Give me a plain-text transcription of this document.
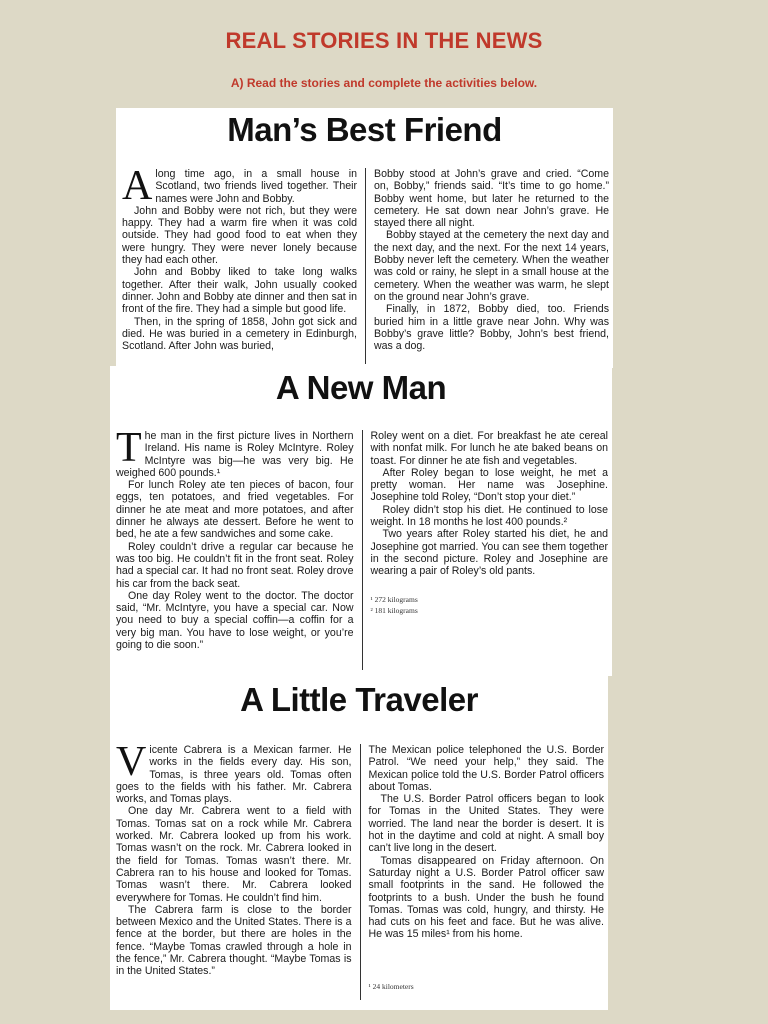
REAL STORIES IN THE NEWS
A) Read the stories and complete the activities below.
Man’s Best Friend

Along time ago, in a small house in Scotland, two friends lived together. Their names were John and Bobby.

John and Bobby were not rich, but they were happy. They had a warm fire when it was cold outside. They had good food to eat when they were hungry. They were never lonely because they had each other.

John and Bobby liked to take long walks together. After their walk, John usually cooked dinner. John and Bobby ate dinner and then sat in front of the fire. They had a simple but good life.

Then, in the spring of 1858, John got sick and died. He was buried in a cemetery in Edinburgh, Scotland. After John was buried,

Bobby stood at John’s grave and cried. “Come on, Bobby,” friends said. “It’s time to go home.” Bobby went home, but later he returned to the cemetery. He sat down near John’s grave. He stayed there all night.

Bobby stayed at the cemetery the next day and the next day, and the next. For the next 14 years, Bobby never left the cemetery. When the weather was cold or rainy, he slept in a small house at the cemetery. When the weather was warm, he slept on the ground near John’s grave.

Finally, in 1872, Bobby died, too. Friends buried him in a little grave near John. Why was Bobby’s grave little? Bobby, John’s best friend, was a dog.

A New Man

The man in the first picture lives in Northern Ireland. His name is Roley McIntyre. Roley McIntyre was big—he was very big. He weighed 600 pounds.¹

For lunch Roley ate ten pieces of bacon, four eggs, ten potatoes, and fried vegetables. For dinner he ate meat and more potatoes, and after dinner he always ate dessert. Before he went to bed, he ate a few sandwiches and some cake.

Roley couldn’t drive a regular car because he was too big. He couldn’t fit in the front seat. Roley had a special car. It had no front seat. Roley drove his car from the back seat.

One day Roley went to the doctor. The doctor said, “Mr. McIntyre, you have a special car. Now you need to buy a special coffin—a coffin for a very big man. You have to lose weight, or you’re going to die soon.”

Roley went on a diet. For breakfast he ate cereal with nonfat milk. For lunch he ate baked beans on toast. For dinner he ate fish and vegetables.

After Roley began to lose weight, he met a pretty woman. Her name was Josephine. Josephine told Roley, “Don’t stop your diet.”

Roley didn’t stop his diet. He continued to lose weight. In 18 months he lost 400 pounds.²

Two years after Roley started his diet, he and Josephine got married. You can see them together in the second picture. Roley and Josephine are wearing a pair of Roley’s old pants.

¹ 272 kilograms
² 181 kilograms
A Little Traveler

Vicente Cabrera is a Mexican farmer. He works in the fields every day. His son, Tomas, is three years old. Tomas often goes to the fields with his father. Mr. Cabrera works, and Tomas plays.

One day Mr. Cabrera went to a field with Tomas. Tomas sat on a rock while Mr. Cabrera worked. Mr. Cabrera looked up from his work. Tomas wasn’t on the rock. Mr. Cabrera looked in the field for Tomas. Tomas wasn’t there. Mr. Cabrera ran to his house and looked for Tomas. Tomas wasn’t there. Mr. Cabrera looked everywhere for Tomas. He couldn’t find him.

The Cabrera farm is close to the border between Mexico and the United States. There is a fence at the border, but there are holes in the fence. “Maybe Tomas crawled through a hole in the fence,” Mr. Cabrera thought. “Maybe Tomas is in the United States.”

The Mexican police telephoned the U.S. Border Patrol. “We need your help,” they said. The Mexican police told the U.S. Border Patrol officers about Tomas.

The U.S. Border Patrol officers began to look for Tomas in the United States. They were worried. The land near the border is desert. It is hot in the daytime and cold at night. A small boy can’t live long in the desert.

Tomas disappeared on Friday afternoon. On Saturday night a U.S. Border Patrol officer saw small footprints in the sand. He followed the footprints to a bush. Under the bush he found Tomas. Tomas was cold, hungry, and thirsty. He had cuts on his feet and face. But he was alive. He was 15 miles¹ from his home.

¹ 24 kilometers
